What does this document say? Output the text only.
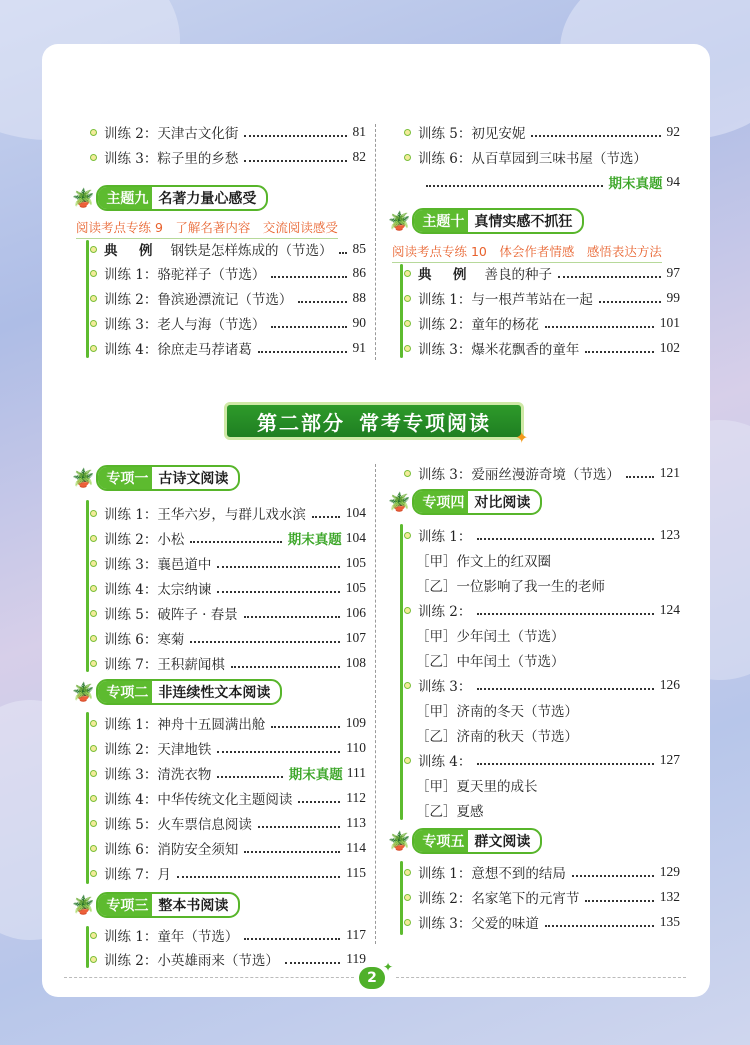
训练 2：天津古文化街	81
训练 3：粽子里的乡愁	82
🪴 主题九 名著力量心感受
阅读考点专练 9　了解名著内容　交流阅读感受
典　例 钢铁是怎样炼成的（节选） 85
训练 1：骆驼祥子（节选）	86
训练 2：鲁滨逊漂流记（节选）	88
训练 3：老人与海（节选）	90
训练 4：徐庶走马荐诸葛	91
训练 5：初见安妮	92
训练 6：从百草园到三味书屋（节选）
期末真题 94
🪴 主题十 真情实感不抓狂
阅读考点专练 10　体会作者情感　感悟表达方法
典　例 善良的种子	97
训练 1：与一根芦苇站在一起	99
训练 2：童年的杨花	101
训练 3：爆米花飘香的童年	102
第二部分 常考专项阅读
✦
🪴 专项一 古诗文阅读
训练 1：王华六岁，与群儿戏水滨	104
训练 2：小松	期末真题 104
训练 3：襄邑道中	105
训练 4：太宗纳谏	105
训练 5：破阵子 · 春景	106
训练 6：寒菊	107
训练 7：王积薪闻棋	108
🪴 专项二 非连续性文本阅读
训练 1：神舟十五圆满出舱	109
训练 2：天津地铁	110
训练 3：清洗衣物	期末真题 111
训练 4：中华传统文化主题阅读	112
训练 5：火车票信息阅读	113
训练 6：消防安全须知	114
训练 7：月	115
🪴 专项三 整本书阅读
训练 1：童年（节选）	117
训练 2：小英雄雨来（节选）	119
训练 3：爱丽丝漫游奇境（节选）	121
🪴 专项四 对比阅读
训练 1：	123
［甲］作文上的红双圈
［乙］一位影响了我一生的老师
训练 2：	124
［甲］少年闰土（节选）
［乙］中年闰土（节选）
训练 3：	126
［甲］济南的冬天（节选）
［乙］济南的秋天（节选）
训练 4：	127
［甲］夏天里的成长
［乙］夏感
🪴 专项五 群文阅读
训练 1：意想不到的结局	129
训练 2：名家笔下的元宵节	132
训练 3：父爱的味道	135
2
✦
